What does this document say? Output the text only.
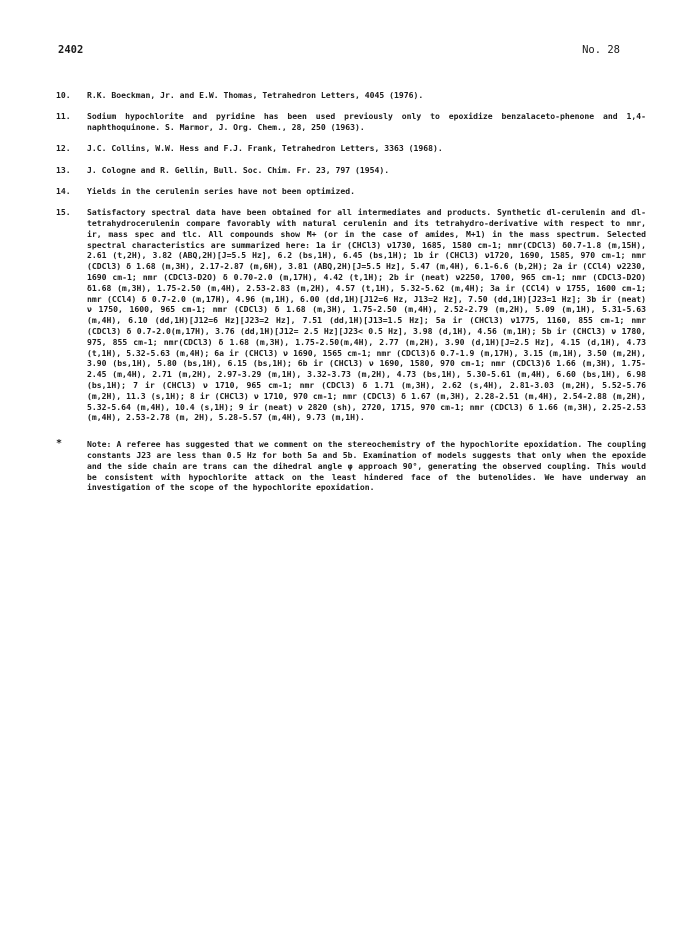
2402	No. 28
10.	R.K. Boeckman, Jr. and E.W. Thomas, Tetrahedron Letters, 4045 (1976).
11.	Sodium hypochlorite and pyridine has been used previously only to epoxidize benzalaceto-phenone and 1,4-naphthoquinone. S. Marmor, J. Org. Chem., 28, 250 (1963).
12.	J.C. Collins, W.W. Hess and F.J. Frank, Tetrahedron Letters, 3363 (1968).
13.	J. Cologne and R. Gellin, Bull. Soc. Chim. Fr. 23, 797 (1954).
14.	Yields in the cerulenin series have not been optimized.
15.	Satisfactory spectral data have been obtained for all intermediates and products. Synthetic dl-cerulenin and dl-tetrahydrocerulenin compare favorably with natural cerulenin and its tetrahydro-derivative with respect to nmr, ir, mass spec and tlc. All compounds show M+ (or in the case of amides, M+1) in the mass spectrum. Selected spectral characteristics are summarized here: 1a ir (CHCl3) ν1730, 1685, 1580 cm-1; nmr(CDCl3) δ0.7-1.8 (m,15H), 2.61 (t,2H), 3.82 (ABQ,2H)[J=5.5 Hz], 6.2 (bs,1H), 6.45 (bs,1H); 1b ir (CHCl3) ν1720, 1690, 1585, 970 cm-1; nmr (CDCl3) δ 1.68 (m,3H), 2.17-2.87 (m,6H), 3.81 (ABQ,2H)[J=5.5 Hz], 5.47 (m,4H), 6.1-6.6 (b,2H); 2a ir (CCl4) ν2230, 1690 cm-1; nmr (CDCl3-D2O) δ 0.70-2.0 (m,17H), 4.42 (t,1H); 2b ir (neat) ν2250, 1700, 965 cm-1; nmr (CDCl3-D2O) δ1.68 (m,3H), 1.75-2.50 (m,4H), 2.53-2.83 (m,2H), 4.57 (t,1H), 5.32-5.62 (m,4H); 3a ir (CCl4) ν 1755, 1600 cm-1; nmr (CCl4) δ 0.7-2.0 (m,17H), 4.96 (m,1H), 6.00 (dd,1H)[J12=6 Hz, J13=2 Hz], 7.50 (dd,1H)[J23=1 Hz]; 3b ir (neat) ν 1750, 1600, 965 cm-1; nmr (CDCl3) δ 1.68 (m,3H), 1.75-2.50 (m,4H), 2.52-2.79 (m,2H), 5.09 (m,1H), 5.31-5.63 (m,4H), 6.10 (dd,1H)[J12=6 Hz][J23=2 Hz], 7.51 (dd,1H)[J13=1.5 Hz]; 5a ir (CHCl3) ν1775, 1160, 855 cm-1; nmr (CDCl3) δ 0.7-2.0(m,17H), 3.76 (dd,1H)[J12= 2.5 Hz][J23< 0.5 Hz], 3.98 (d,1H), 4.56 (m,1H); 5b ir (CHCl3) ν 1780, 975, 855 cm-1; nmr(CDCl3) δ 1.68 (m,3H), 1.75-2.50(m,4H), 2.77 (m,2H), 3.90 (d,1H)[J=2.5 Hz], 4.15 (d,1H), 4.73 (t,1H), 5.32-5.63 (m,4H); 6a ir (CHCl3) ν 1690, 1565 cm-1; nmr (CDCl3)δ 0.7-1.9 (m,17H), 3.15 (m,1H), 3.50 (m,2H), 3.90 (bs,1H), 5.80 (bs,1H), 6.15 (bs,1H); 6b ir (CHCl3) ν 1690, 1580, 970 cm-1; nmr (CDCl3)δ 1.66 (m,3H), 1.75-2.45 (m,4H), 2.71 (m,2H), 2.97-3.29 (m,1H), 3.32-3.73 (m,2H), 4.73 (bs,1H), 5.30-5.61 (m,4H), 6.60 (bs,1H), 6.98 (bs,1H); 7 ir (CHCl3) ν 1710, 965 cm-1; nmr (CDCl3) δ 1.71 (m,3H), 2.62 (s,4H), 2.81-3.03 (m,2H), 5.52-5.76 (m,2H), 11.3 (s,1H); 8 ir (CHCl3) ν 1710, 970 cm-1; nmr (CDCl3) δ 1.67 (m,3H), 2.28-2.51 (m,4H), 2.54-2.88 (m,2H), 5.32-5.64 (m,4H), 10.4 (s,1H); 9 ir (neat) ν 2820 (sh), 2720, 1715, 970 cm-1; nmr (CDCl3) δ 1.66 (m,3H), 2.25-2.53 (m,4H), 2.53-2.78 (m, 2H), 5.28-5.57 (m,4H), 9.73 (m,1H).
*	Note: A referee has suggested that we comment on the stereochemistry of the hypochlorite epoxidation. The coupling constants J23 are less than 0.5 Hz for both 5a and 5b. Examination of models suggests that only when the epoxide and the side chain are trans can the dihedral angle φ approach 90°, generating the observed coupling. This would be consistent with hypochlorite attack on the least hindered face of the butenolides. We have underway an investigation of the scope of the hypochlorite epoxidation.
